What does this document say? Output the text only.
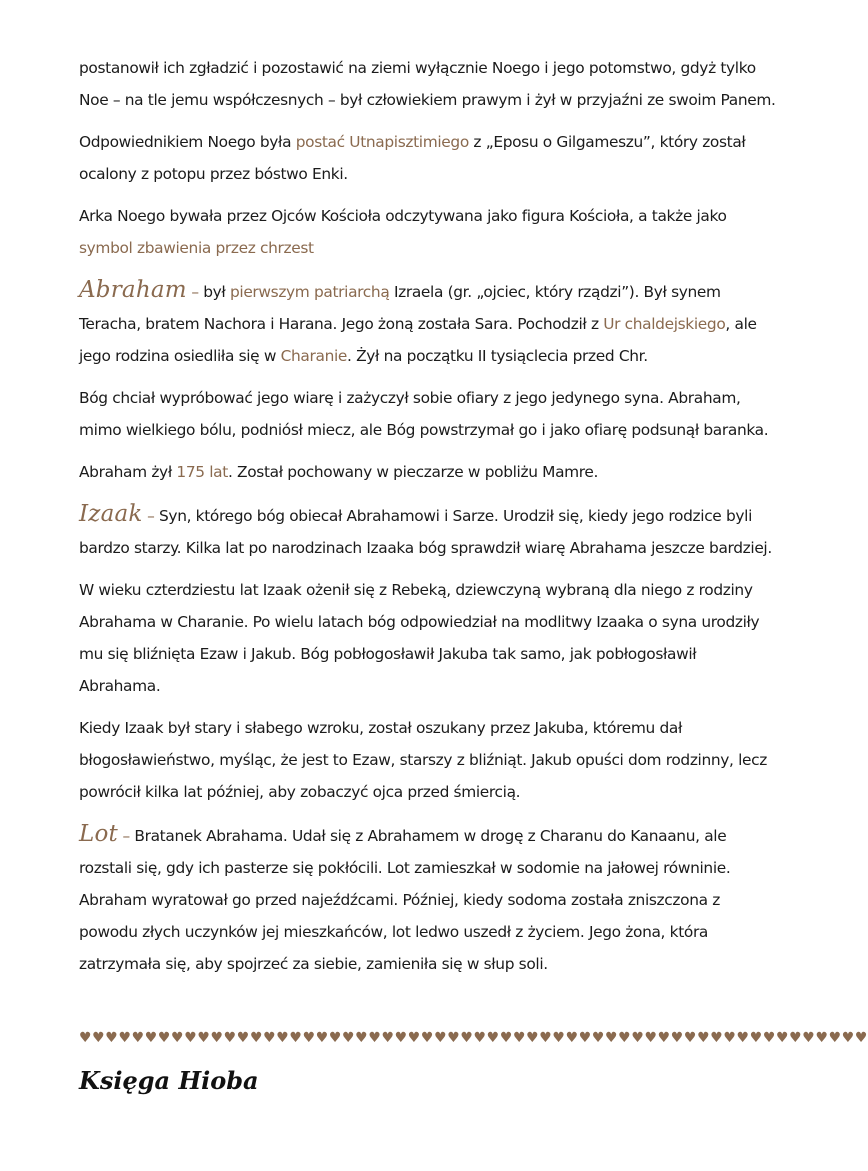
postanowił ich zgładzić i pozostawić na ziemi wyłącznie Noego i jego potomstwo, gdyż tylko Noe – na tle jemu współczesnych – był człowiekiem prawym i żył w przyjaźni ze swoim Panem.

Odpowiednikiem Noego była postać Utnapisztimiego z „Eposu o Gilgameszu”, który został ocalony z potopu przez bóstwo Enki.

Arka Noego bywała przez Ojców Kościoła odczytywana jako figura Kościoła, a także jako symbol zbawienia przez chrzest

Abraham – był pierwszym patriarchą Izraela (gr. „ojciec, który rządzi”). Był synem Teracha, bratem Nachora i Harana. Jego żoną została Sara. Pochodził z Ur chaldejskiego, ale jego rodzina osiedliła się w Charanie. Żył na początku II tysiąclecia przed Chr.

Bóg chciał wypróbować jego wiarę i zażyczył sobie ofiary z jego jedynego syna. Abraham, mimo wielkiego bólu, podniósł miecz, ale Bóg powstrzymał go i jako ofiarę podsunął baranka.

Abraham żył 175 lat. Został pochowany w pieczarze w pobliżu Mamre.

Izaak – Syn, którego bóg obiecał Abrahamowi i Sarze. Urodził się, kiedy jego rodzice byli bardzo starzy. Kilka lat po narodzinach Izaaka bóg sprawdził wiarę Abrahama jeszcze bardziej.

W wieku czterdziestu lat Izaak ożenił się z Rebeką, dziewczyną wybraną dla niego z rodziny Abrahama w Charanie. Po wielu latach bóg odpowiedział na modlitwy Izaaka o syna urodziły mu się bliźnięta Ezaw i Jakub. Bóg pobłogosławił Jakuba tak samo, jak pobłogosławił Abrahama.

Kiedy Izaak był stary i słabego wzroku, został oszukany przez Jakuba, któremu dał błogosławieństwo, myśląc, że jest to Ezaw, starszy z bliźniąt. Jakub opuści dom rodzinny, lecz powrócił kilka lat później, aby zobaczyć ojca przed śmiercią.

Lot – Bratanek Abrahama. Udał się z Abrahamem w drogę z Charanu do Kanaanu, ale rozstali się, gdy ich pasterze się pokłócili. Lot zamieszkał w sodomie na jałowej równinie. Abraham wyratował go przed najeźdźcami. Później, kiedy sodoma została zniszczona z powodu złych uczynków jej mieszkańców, lot ledwo uszedł z życiem. Jego żona, która zatrzymała się, aby spojrzeć za siebie, zamieniła się w słup soli.

♥♥♥♥♥♥♥♥♥♥♥♥♥♥♥♥♥♥♥♥♥♥♥♥♥♥♥♥♥♥♥♥♥♥♥♥♥♥♥♥♥♥♥♥♥♥♥♥♥♥♥♥♥♥♥♥♥♥♥♥
Księga Hioba
